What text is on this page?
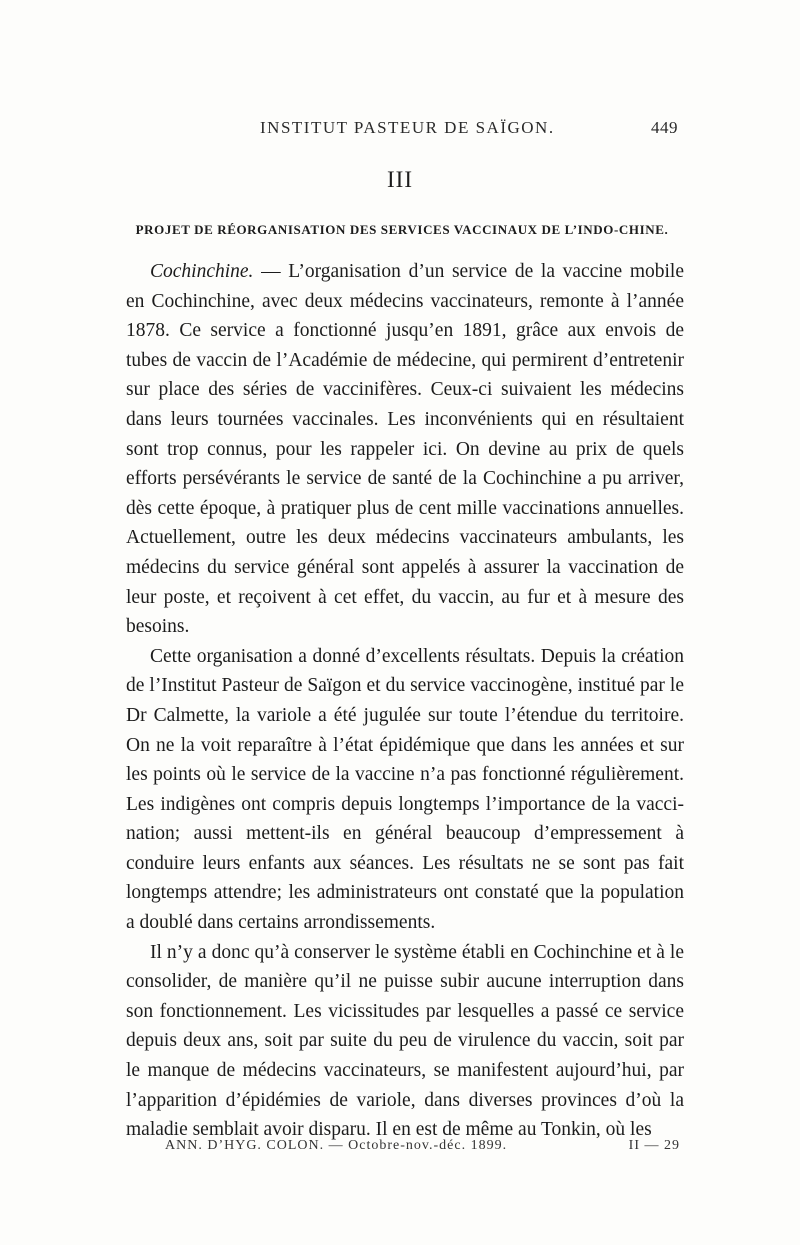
INSTITUT PASTEUR DE SAÏGON.	449
III
PROJET DE RÉORGANISATION DES SERVICES VACCINAUX DE L’INDO-CHINE.

Cochinchine. — L’organisation d’un service de la vaccine mobile en Cochinchine, avec deux médecins vaccinateurs, remonte à l’année 1878. Ce service a fonctionné jusqu’en 1891, grâce aux envois de tubes de vaccin de l’Académie de médecine, qui permirent d’entretenir sur place des séries de vaccinifères. Ceux-ci suivaient les médecins dans leurs tournées vaccinales. Les inconvénients qui en résultaient sont trop connus, pour les rappeler ici. On devine au prix de quels efforts persévérants le service de santé de la Cochinchine a pu arriver, dès cette époque, à pratiquer plus de cent mille vaccinations annuelles. Actuellement, outre les deux médecins vaccinateurs ambulants, les médecins du service général sont appelés à assurer la vaccination de leur poste, et reçoivent à cet effet, du vaccin, au fur et à mesure des besoins.

Cette organisation a donné d’excellents résultats. Depuis la création de l’Institut Pasteur de Saïgon et du service vaccinogène, institué par le Dr Calmette, la variole a été jugulée sur toute l’étendue du territoire. On ne la voit reparaître à l’état épidémique que dans les années et sur les points où le service de la vaccine n’a pas fonctionné régulièrement. Les indigènes ont compris depuis longtemps l’importance de la vaccination; aussi mettent-ils en général beaucoup d’empressement à conduire leurs enfants aux séances. Les résultats ne se sont pas fait longtemps attendre; les administrateurs ont constaté que la population a doublé dans certains arrondissements.

Il n’y a donc qu’à conserver le système établi en Cochinchine et à le consolider, de manière qu’il ne puisse subir aucune interruption dans son fonctionnement. Les vicissitudes par lesquelles a passé ce service depuis deux ans, soit par suite du peu de virulence du vaccin, soit par le manque de médecins vaccinateurs, se manifestent aujourd’hui, par l’apparition d’épidémies de variole, dans diverses provinces d’où la maladie semblait avoir disparu. Il en est de même au Tonkin, où les

ANN. D’HYG. COLON. — Octobre-nov.-déc. 1899.	II — 29
